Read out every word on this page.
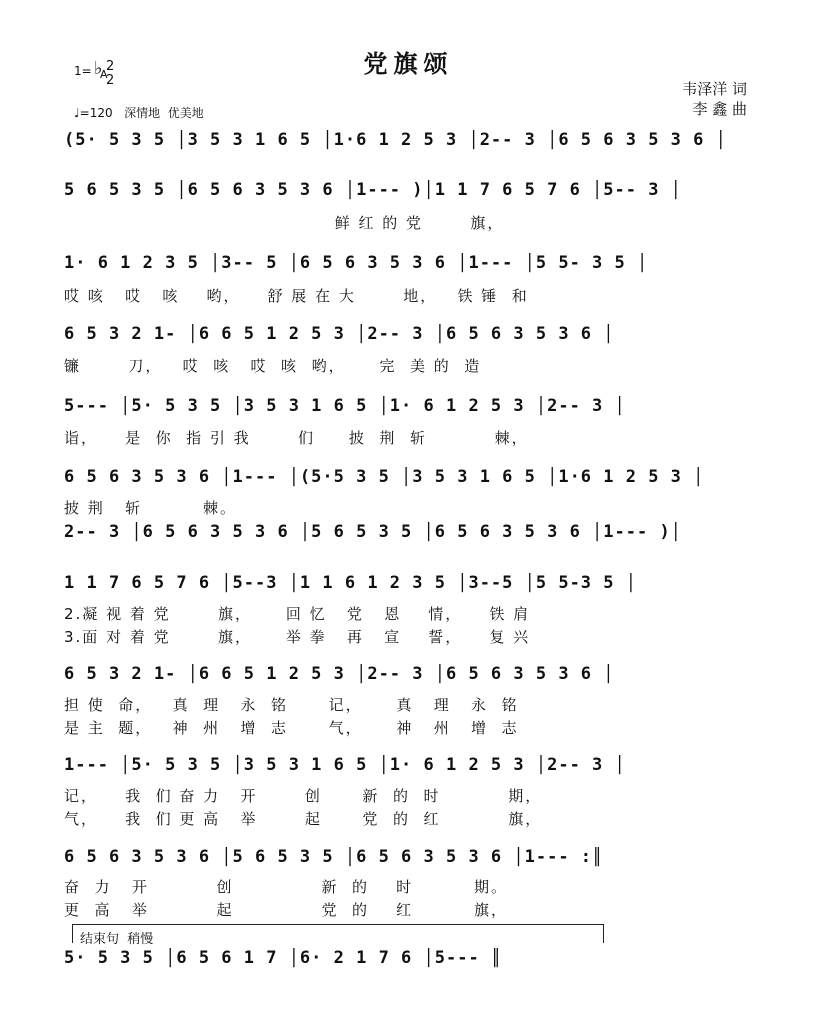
党旗颂
1= ♭
A
2
2
♩=120   深情地  优美地
韦泽洋 词
李 鑫 曲
(5· 5 3 5 │3 5 3 1 6 5 │1·6 1 2 5 3 │2-- 3 │6 5 6 3 5 3 6 │
5 6 5 3 5 │6 5 6 3 5 3 6 │1--- )│1 1 7 6 5 7 6 │5-- 3 │
鲜 红 的 党       旗，
1· 6 1 2 3 5 │3-- 5 │6 5 6 3 5 3 6 │1--- │5 5- 3 5 │
哎 咳   哎   咳    哟，    舒 展 在 大       地，   铁 锤  和
6 5 3 2 1- │6 6 5 1 2 5 3 │2-- 3 │6 5 6 3 5 3 6 │
镰       刀，   哎  咳   哎  咳  哟，     完  美 的  造
5--- │5· 5 3 5 │3 5 3 1 6 5 │1· 6 1 2 5 3 │2-- 3 │
诣，    是  你  指 引 我       们     披  荆  斩          棘，
6 5 6 3 5 3 6 │1--- │(5·5 3 5 │3 5 3 1 6 5 │1·6 1 2 5 3 │
披 荆   斩         棘。
2-- 3 │6 5 6 3 5 3 6 │5 6 5 3 5 │6 5 6 3 5 3 6 │1--- )│
1 1 7 6 5 7 6 │5--3 │1 1 6 1 2 3 5 │3--5 │5 5-3 5 │
2.凝 视 着 党       旗，     回 忆   党   恩    情，    铁 肩
3.面 对 着 党       旗，     举 拳   再   宣    誓，    复 兴
6 5 3 2 1- │6 6 5 1 2 5 3 │2-- 3 │6 5 6 3 5 3 6 │
担 使  命，   真  理   永  铭      记，     真   理   永  铭
是 主  题，   神  州   增  志      气，     神   州   增  志
1--- │5· 5 3 5 │3 5 3 1 6 5 │1· 6 1 2 5 3 │2-- 3 │
记，    我  们 奋 力   开       创      新  的  时          期，
气，    我  们 更 高   举       起      党  的  红          旗，
6 5 6 3 5 3 6 │5 6 5 3 5 │6 5 6 3 5 3 6 │1--- :║
奋  力   开          创             新  的    时         期。
更  高   举          起             党  的    红         旗，
结束句  稍慢
5· 5 3 5 │6 5 6 1 7 │6· 2 1 7 6 │5--- ║
